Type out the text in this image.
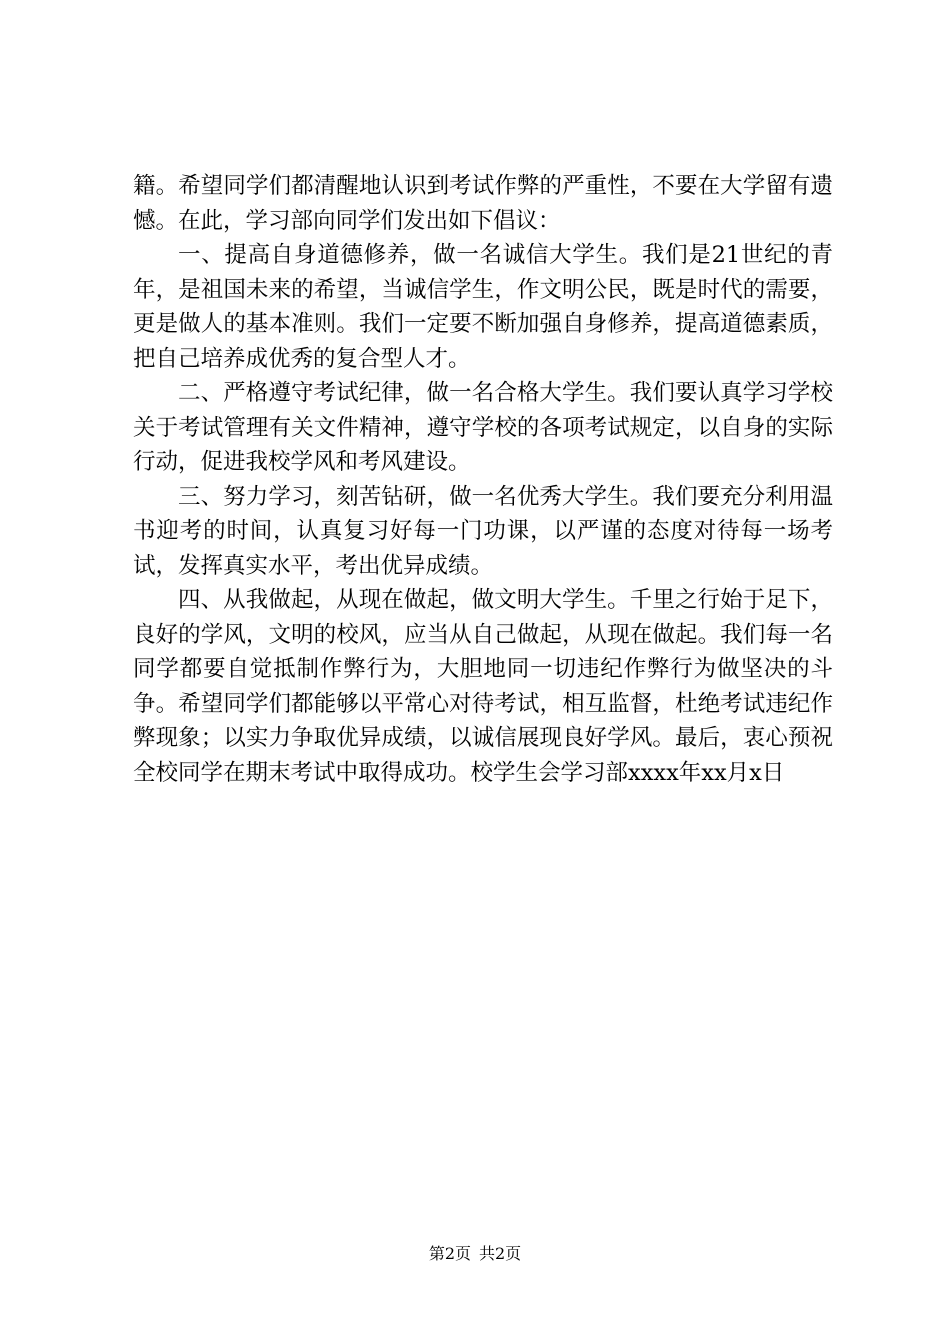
籍。希望同学们都清醒地认识到考试作弊的严重性，不要在大学留有遗憾。在此，学习部向同学们发出如下倡议：

一、提高自身道德修养，做一名诚信大学生。我们是21世纪的青年，是祖国未来的希望，当诚信学生，作文明公民，既是时代的需要，更是做人的基本准则。我们一定要不断加强自身修养，提高道德素质，把自己培养成优秀的复合型人才。

二、严格遵守考试纪律，做一名合格大学生。我们要认真学习学校关于考试管理有关文件精神，遵守学校的各项考试规定，以自身的实际行动，促进我校学风和考风建设。

三、努力学习，刻苦钻研，做一名优秀大学生。我们要充分利用温书迎考的时间，认真复习好每一门功课，以严谨的态度对待每一场考试，发挥真实水平，考出优异成绩。

四、从我做起，从现在做起，做文明大学生。千里之行始于足下，良好的学风，文明的校风，应当从自己做起，从现在做起。我们每一名同学都要自觉抵制作弊行为，大胆地同一切违纪作弊行为做坚决的斗争。希望同学们都能够以平常心对待考试，相互监督，杜绝考试违纪作弊现象；以实力争取优异成绩，以诚信展现良好学风。最后，衷心预祝全校同学在期末考试中取得成功。校学生会学习部xxxx年xx月x日

第2页 共2页
